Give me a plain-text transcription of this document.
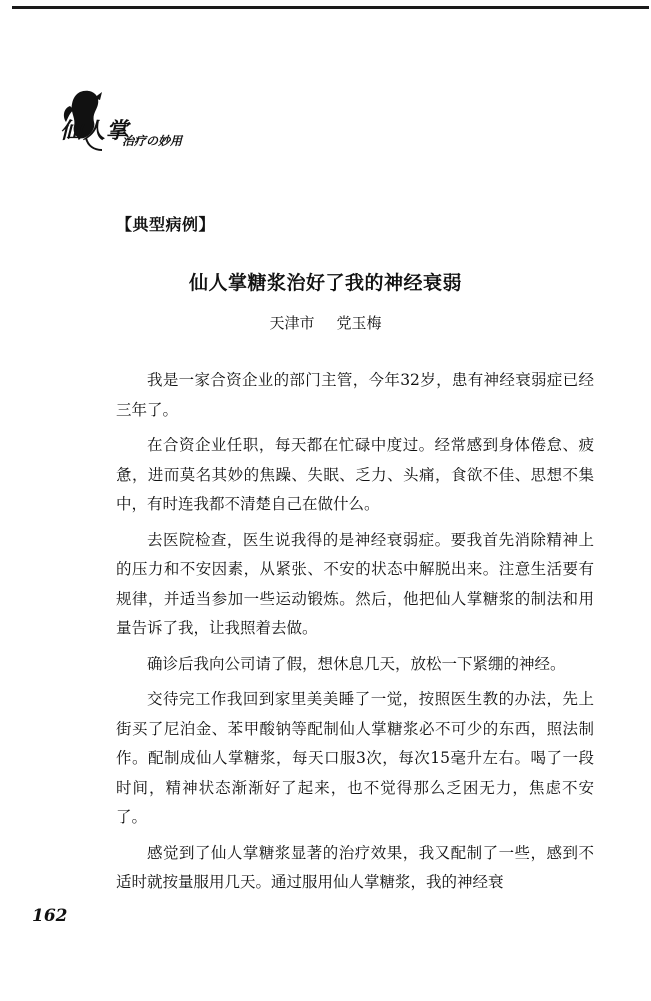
仙人掌
治疗の妙用
【典型病例】
仙人掌糖浆治好了我的神经衰弱
天津市 党玉梅

我是一家合资企业的部门主管，今年32岁，患有神经衰弱症已经三年了。

在合资企业任职，每天都在忙碌中度过。经常感到身体倦怠、疲惫，进而莫名其妙的焦躁、失眠、乏力、头痛，食欲不佳、思想不集中，有时连我都不清楚自己在做什么。

去医院检查，医生说我得的是神经衰弱症。要我首先消除精神上的压力和不安因素，从紧张、不安的状态中解脱出来。注意生活要有规律，并适当参加一些运动锻炼。然后，他把仙人掌糖浆的制法和用量告诉了我，让我照着去做。

确诊后我向公司请了假，想休息几天，放松一下紧绷的神经。

交待完工作我回到家里美美睡了一觉，按照医生教的办法，先上街买了尼泊金、苯甲酸钠等配制仙人掌糖浆必不可少的东西，照法制作。配制成仙人掌糖浆，每天口服3次，每次15毫升左右。喝了一段时间，精神状态渐渐好了起来，也不觉得那么乏困无力，焦虑不安了。

感觉到了仙人掌糖浆显著的治疗效果，我又配制了一些，感到不适时就按量服用几天。通过服用仙人掌糖浆，我的神经衰

162
